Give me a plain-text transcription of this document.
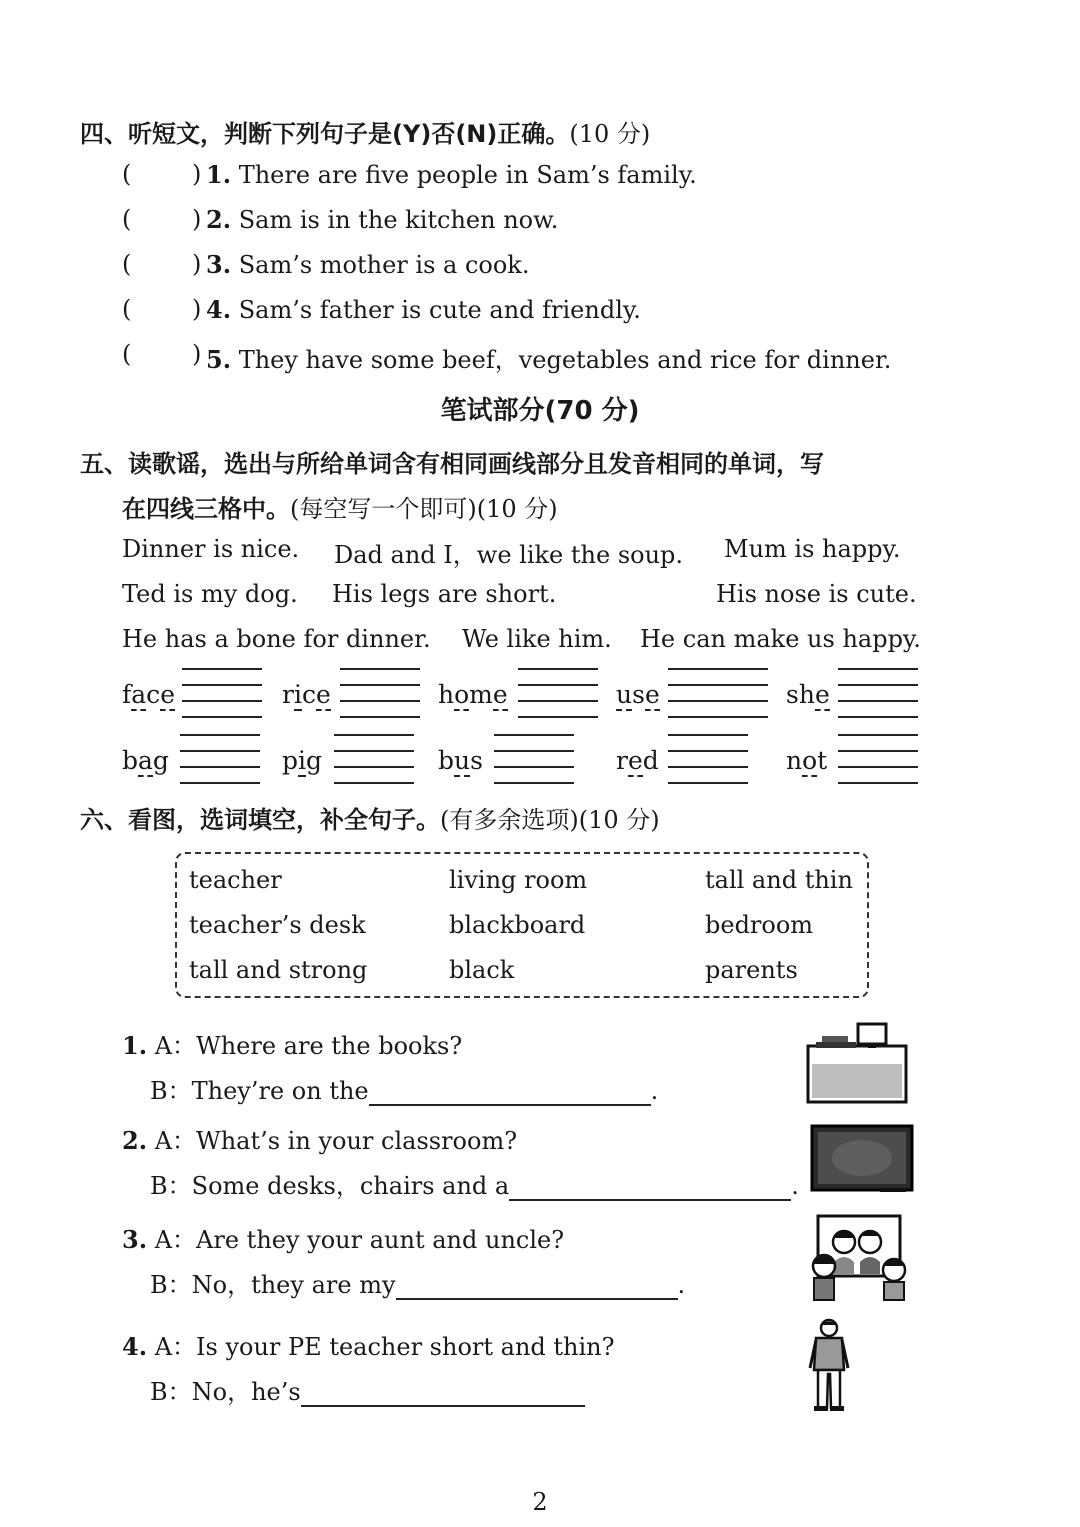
四、听短文，判断下列句子是(Y)否(N)正确。(10 分)
(	) 1. There are five people in Sam’s family.
(	) 2. Sam is in the kitchen now.
(	) 3. Sam’s mother is a cook.
(	) 4. Sam’s father is cute and friendly.
(	) 5. They have some beef，vegetables and rice for dinner.
笔试部分(70 分)
五、读歌谣，选出与所给单词含有相同画线部分且发音相同的单词，写
在四线三格中。(每空写一个即可)(10 分)
Dinner is nice. Dad and I，we like the soup. Mum is happy.
Ted is my dog. His legs are short.	His nose is cute.
He has a bone for dinner. We like him. He can make us happy.
face	rice	home	use	she
bag	pig	bus	red	not
六、看图，选词填空，补全句子。(有多余选项)(10 分)
teacher	living room	tall and thin
teacher’s desk	blackboard	bedroom
tall and strong	black	parents
1. A：Where are the books?
B：They’re on the	.
2. A：What’s in your classroom?
B：Some desks，chairs and a	.
3. A：Are they your aunt and uncle?
B：No，they are my	.
4. A：Is your PE teacher short and thin?
B：No，he’s
2
